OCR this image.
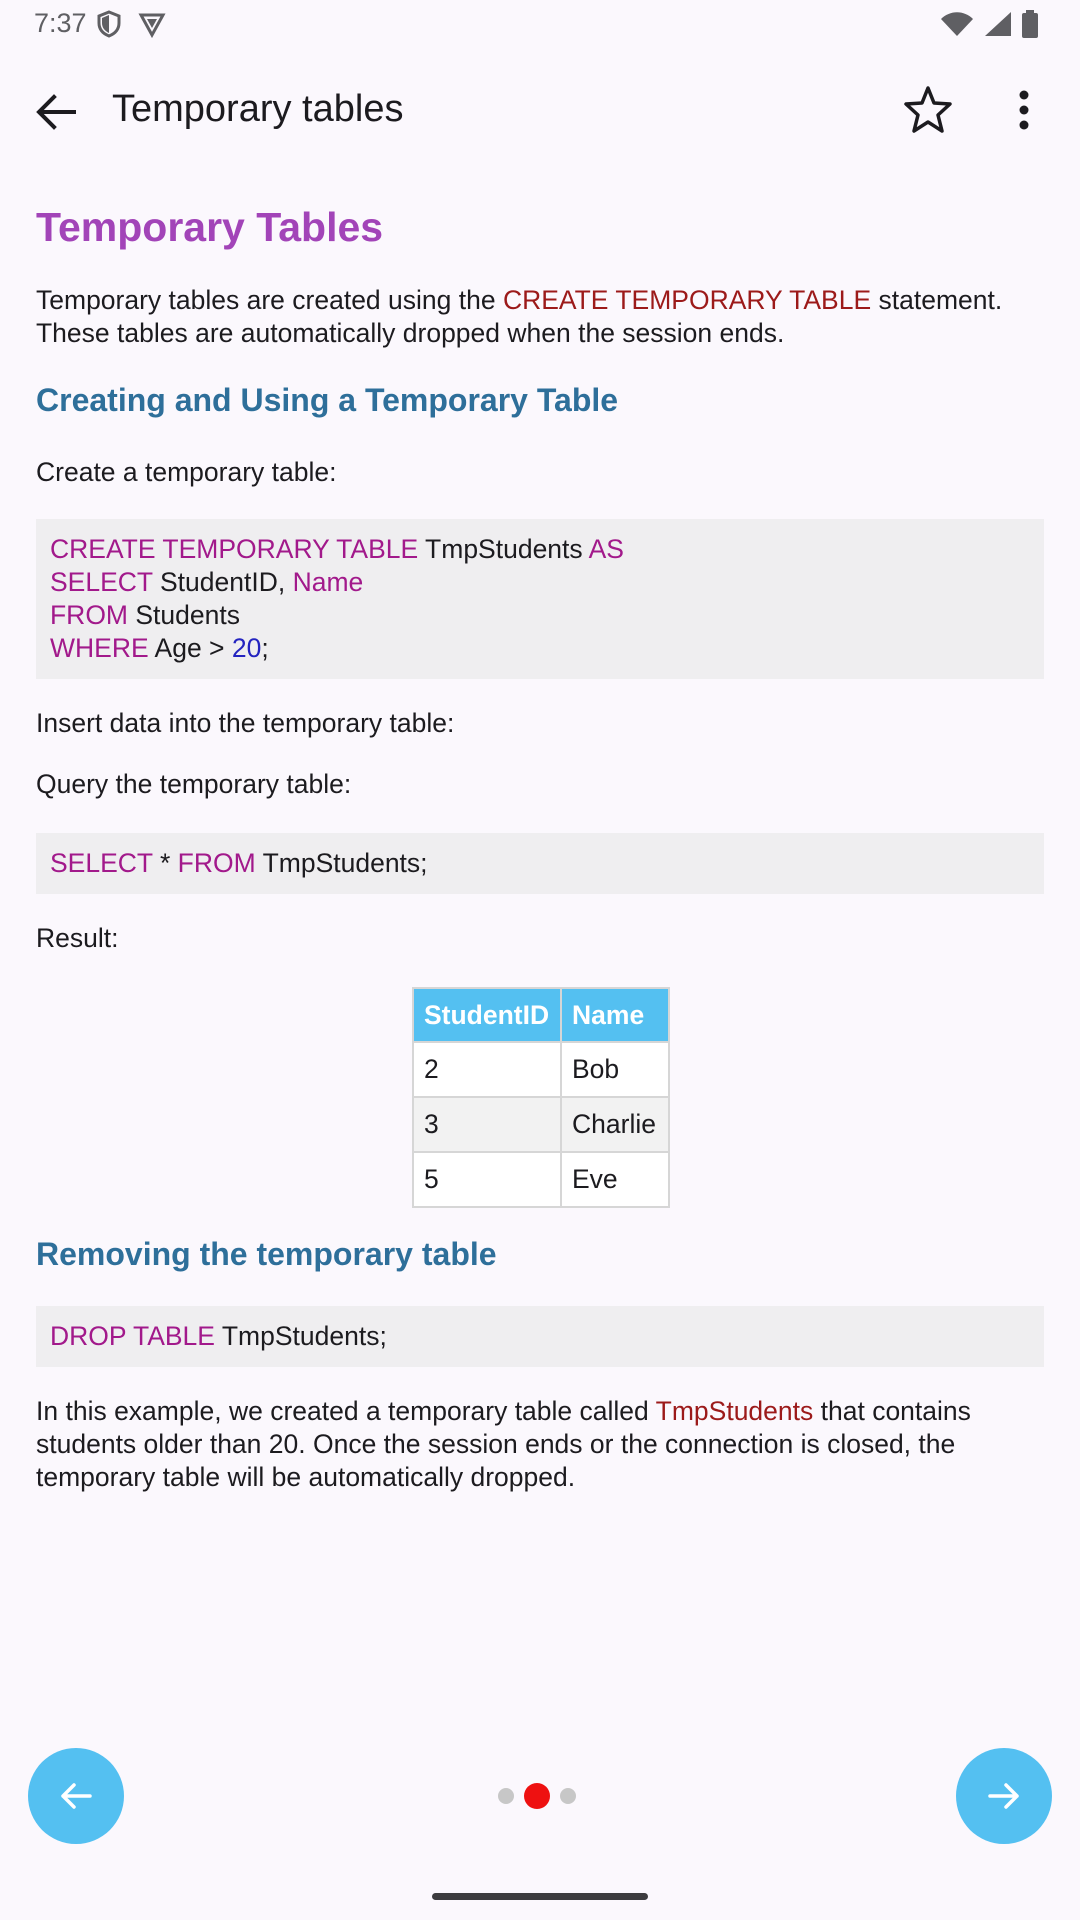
7:37
Temporary tables
Temporary Tables

Temporary tables are created using the CREATE TEMPORARY TABLE statement. These tables are automatically dropped when the session ends.

Creating and Using a Temporary Table

Create a temporary table:

CREATE TEMPORARY TABLE TmpStudents AS
SELECT StudentID, Name
FROM Students
WHERE Age > 20;

Insert data into the temporary table:

Query the temporary table:

SELECT * FROM TmpStudents;

Result:

StudentID	Name
2	Bob
3	Charlie
5	Eve
Removing the temporary table
DROP TABLE TmpStudents;

In this example, we created a temporary table called TmpStudents that contains students older than 20. Once the session ends or the connection is closed, the temporary table will be automatically dropped.
